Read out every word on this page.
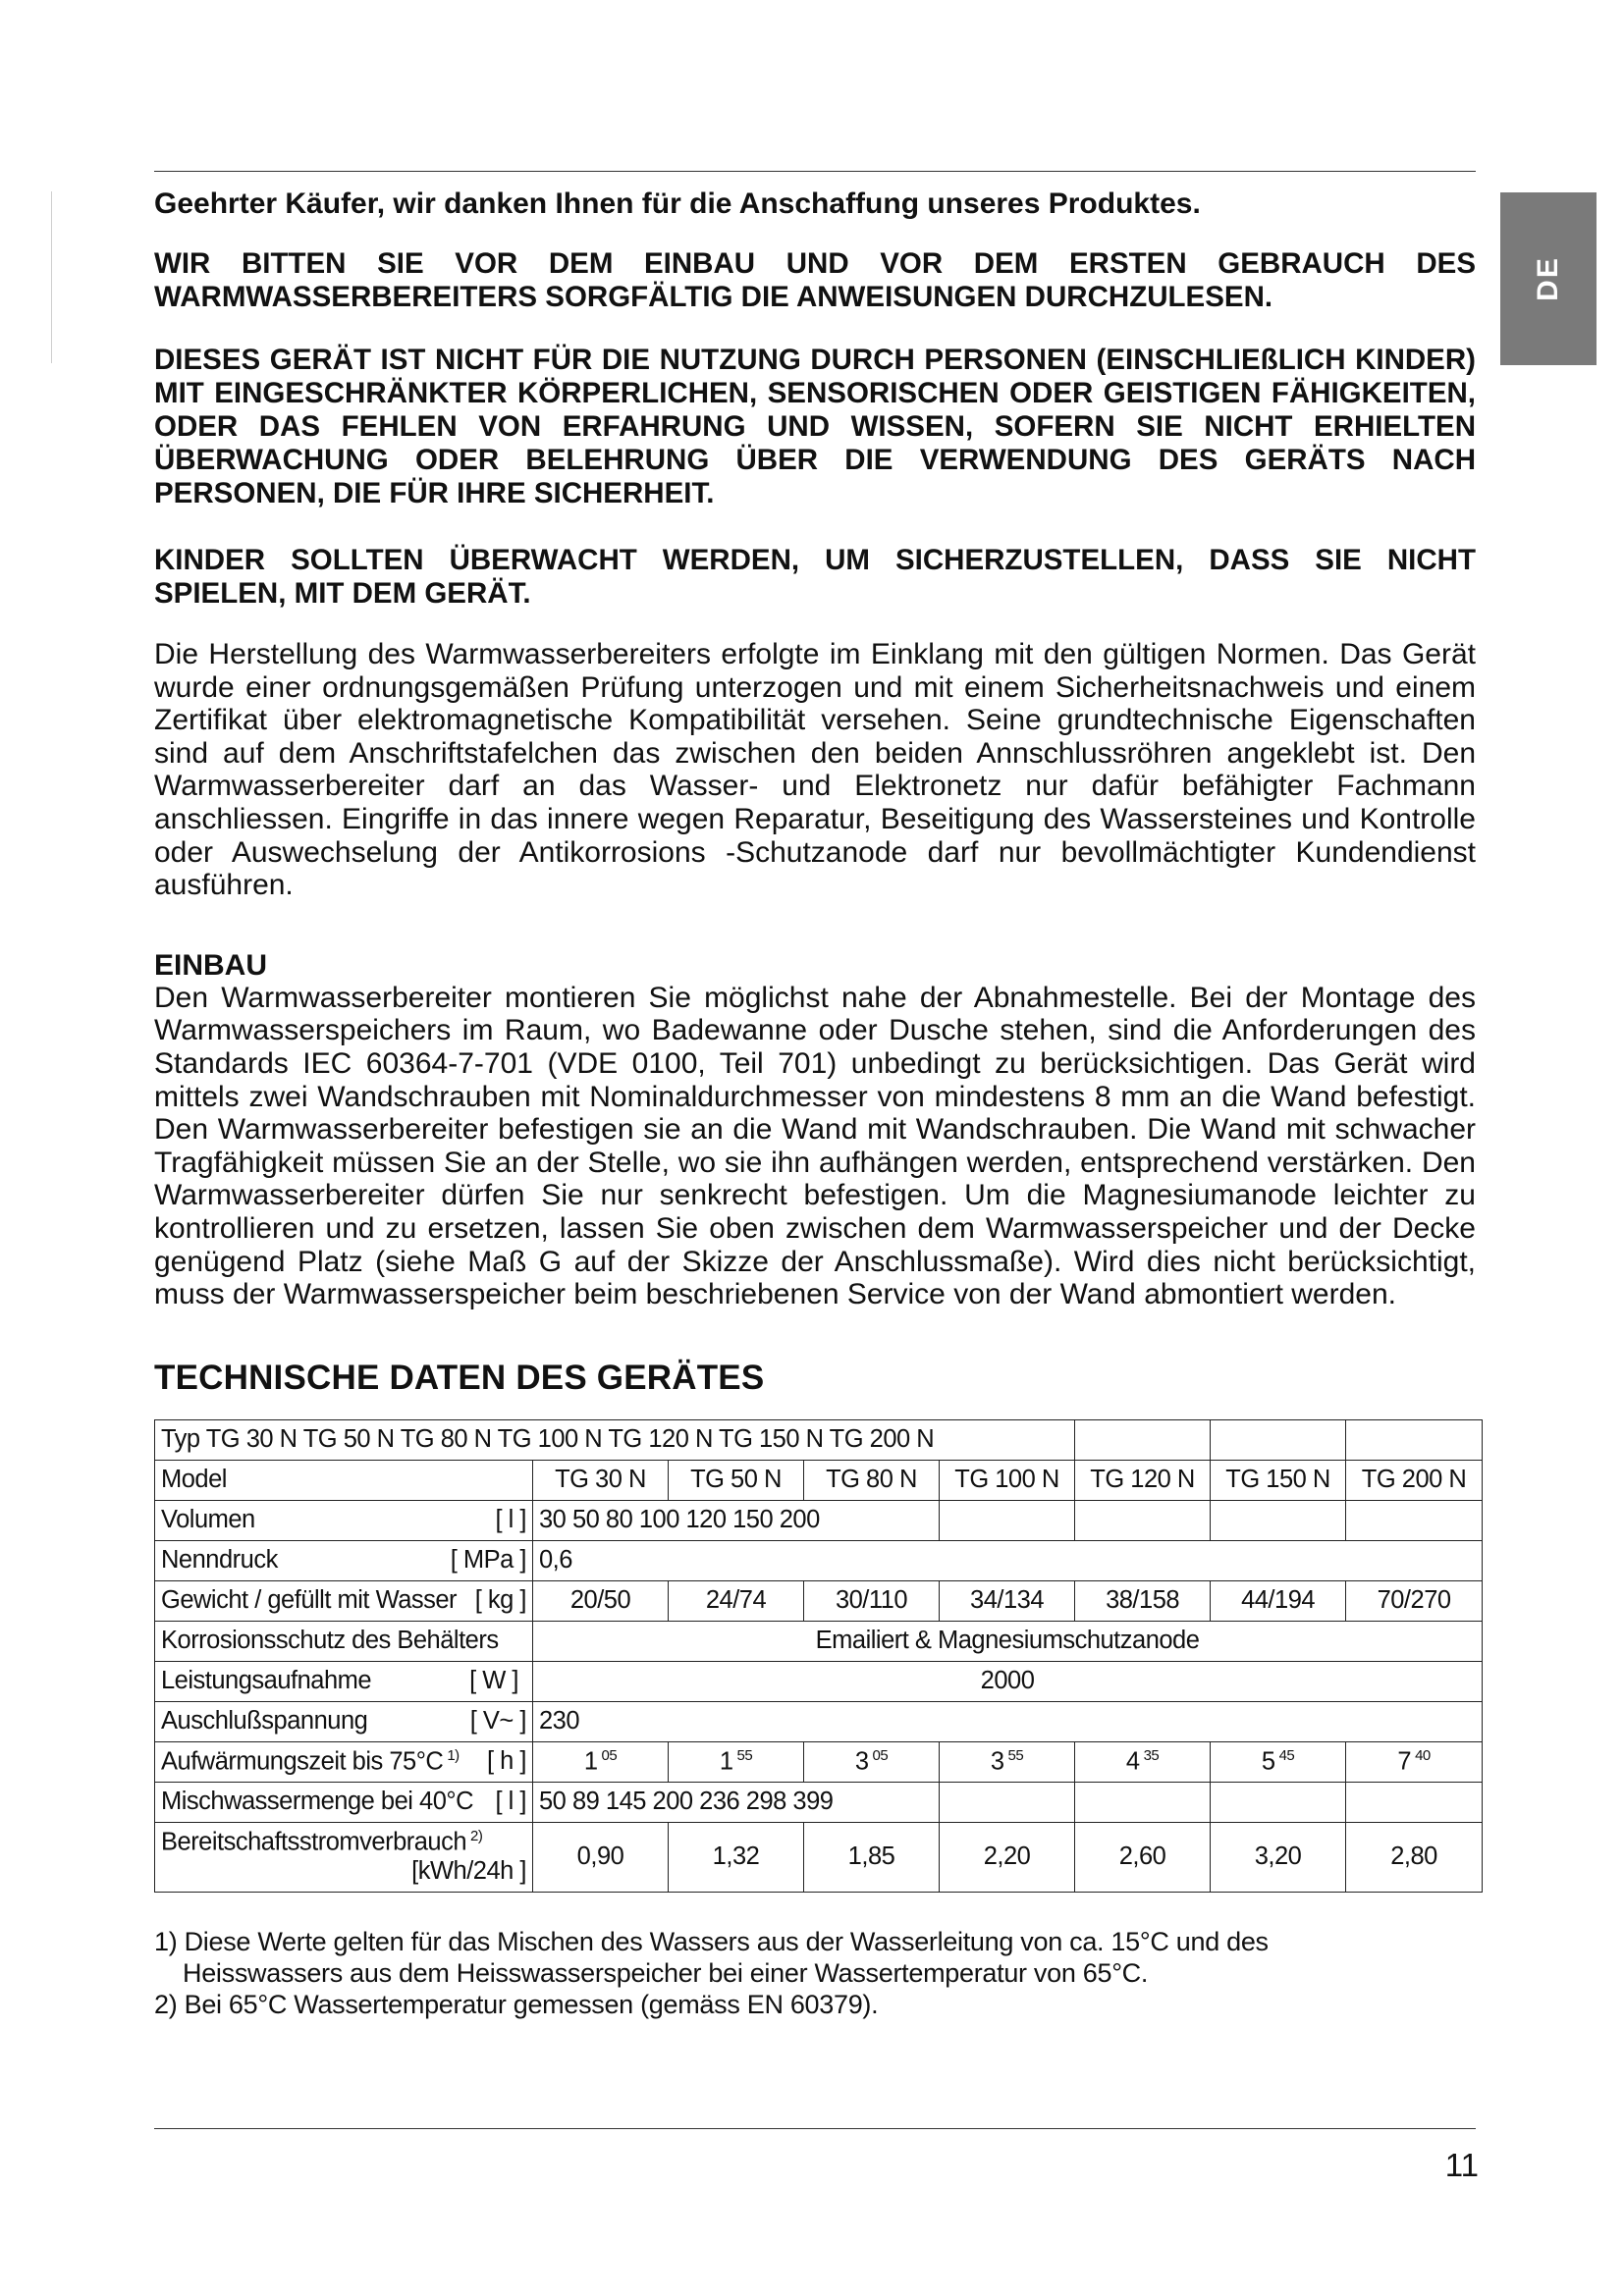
DE

Geehrter Käufer, wir danken Ihnen für die Anschaffung unseres Produktes.

WIR BITTEN SIE VOR DEM EINBAU UND VOR DEM ERSTEN GEBRAUCH DES WARMWASSERBEREITERS SORGFÄLTIG DIE ANWEISUNGEN DURCHZULESEN.

DIESES GERÄT IST NICHT FÜR DIE NUTZUNG DURCH PERSONEN (EINSCHLIEßLICH KINDER) MIT EINGESCHRÄNKTER KÖRPERLICHEN, SENSORISCHEN ODER GEISTIGEN FÄHIGKEITEN, ODER DAS FEHLEN VON ERFAHRUNG UND WISSEN, SOFERN SIE NICHT ERHIELTEN ÜBERWACHUNG ODER BELEHRUNG ÜBER DIE VERWENDUNG DES GERÄTS NACH PERSONEN, DIE FÜR IHRE SICHERHEIT.

KINDER SOLLTEN ÜBERWACHT WERDEN, UM SICHERZUSTELLEN, DASS SIE NICHT SPIELEN, MIT DEM GERÄT.

Die Herstellung des Warmwasserbereiters erfolgte im Einklang mit den gültigen Normen. Das Gerät wurde einer ordnungsgemäßen Prüfung unterzogen und mit einem Sicherheitsnachweis und einem Zertifikat über elektromagnetische Kompatibilität versehen. Seine grundtechnische Eigenschaften sind auf dem Anschriftstafelchen das zwischen den beiden Annschlussröhren angeklebt ist. Den Warmwasserbereiter darf an das Wasser- und Elektronetz nur dafür befähigter Fachmann anschliessen. Eingriffe in das innere wegen Reparatur, Beseitigung des Wassersteines und Kontrolle oder Auswechselung der Antikorrosions -Schutzanode darf nur bevollmächtigter Kundendienst ausführen.

EINBAU

Den Warmwasserbereiter montieren Sie möglichst nahe der Abnahmestelle. Bei der Montage des Warmwasserspeichers im Raum, wo Badewanne oder Dusche stehen, sind die Anforderungen des Standards IEC 60364-7-701 (VDE 0100, Teil 701) unbedingt zu berücksichtigen. Das Gerät wird mittels zwei Wandschrauben mit Nominaldurchmesser von mindestens 8 mm an die Wand befestigt. Den Warmwasserbereiter befestigen sie an die Wand mit Wandschrauben. Die Wand mit schwacher Tragfähigkeit müssen Sie an der Stelle, wo sie ihn aufhängen werden, entsprechend verstärken. Den Warmwasserbereiter dürfen Sie nur senkrecht befestigen. Um die Magnesiumanode leichter zu kontrollieren und zu ersetzen, lassen Sie oben zwischen dem Warmwasserspeicher und der Decke genügend Platz (siehe Maß G auf der Skizze der Anschlussmaße). Wird dies nicht berücksichtigt, muss der Warmwasserspeicher beim beschriebenen Service von der Wand abmontiert werden.

TECHNISCHE DATEN DES GERÄTES
Typ TG 30 N TG 50 N TG 80 N TG 100 N TG 120 N TG 150 N TG 200 N							
Model	TG 30 N	TG 50 N	TG 80 N	TG 100 N	TG 120 N	TG 150 N	TG 200 N

Volumen [ l ]	30 50 80 100 120 150 200						

Nenndruck [ MPa ]	0,6						

Gewicht / gefüllt mit Wasser [ kg ]	20/50	24/74	30/110	34/134	38/158	44/194	70/270
Korrosionsschutz des Behälters	Emailiert & Magnesiumschutzanode						

Leistungsaufnahme [ W ]	2000						

Auschlußspannung [ V~ ]	230						

Aufwärmungszeit bis 75°C $^{1)}$ [ h ]	1 $^{05}$	1 $^{55}$	3 $^{05}$	3 $^{55}$	4 $^{35}$	5 $^{45}$	7 $^{40}$

Mischwassermenge bei 40°C [ l ]	50 89 145 200 236 298 399						

Bereitschaftsstromverbrauch $^{2)}$
[kWh/24h ]	0,90	1,32	1,85	2,20	2,60	3,20	2,80

1) Diese Werte gelten für das Mischen des Wassers aus der Wasserleitung von ca. 15°C und des

Heisswassers aus dem Heisswasserspeicher bei einer Wassertemperatur von 65°C.

2) Bei 65°C Wassertemperatur gemessen (gemäss EN 60379).

11
